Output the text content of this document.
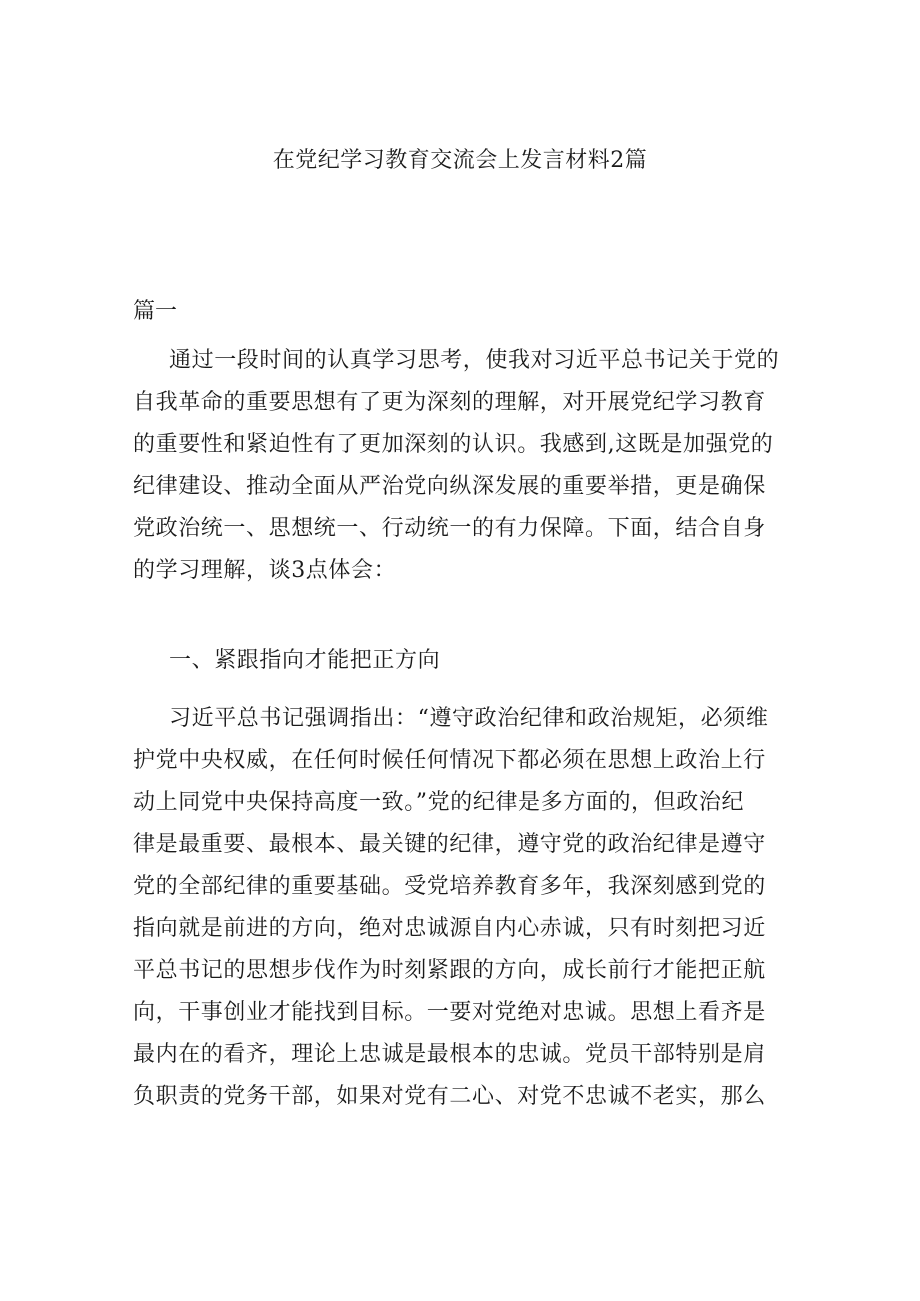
在党纪学习教育交流会上发言材料2篇
篇一
通过一段时间的认真学习思考，使我对习近平总书记关于党的
自我革命的重要思想有了更为深刻的理解，对开展党纪学习教育
的重要性和紧迫性有了更加深刻的认识。我感到,这既是加强党的
纪律建设、推动全面从严治党向纵深发展的重要举措，更是确保
党政治统一、思想统一、行动统一的有力保障。下面，结合自身
的学习理解，谈3点体会：
一、紧跟指向才能把正方向
习近平总书记强调指出：“遵守政治纪律和政治规矩，必须维
护党中央权威，在任何时候任何情况下都必须在思想上政治上行
动上同党中央保持高度一致。”党的纪律是多方面的，但政治纪
律是最重要、最根本、最关键的纪律，遵守党的政治纪律是遵守
党的全部纪律的重要基础。受党培养教育多年，我深刻感到党的
指向就是前进的方向，绝对忠诚源自内心赤诚，只有时刻把习近
平总书记的思想步伐作为时刻紧跟的方向，成长前行才能把正航
向，干事创业才能找到目标。一要对党绝对忠诚。思想上看齐是
最内在的看齐，理论上忠诚是最根本的忠诚。党员干部特别是肩
负职责的党务干部，如果对党有二心、对党不忠诚不老实，那么
